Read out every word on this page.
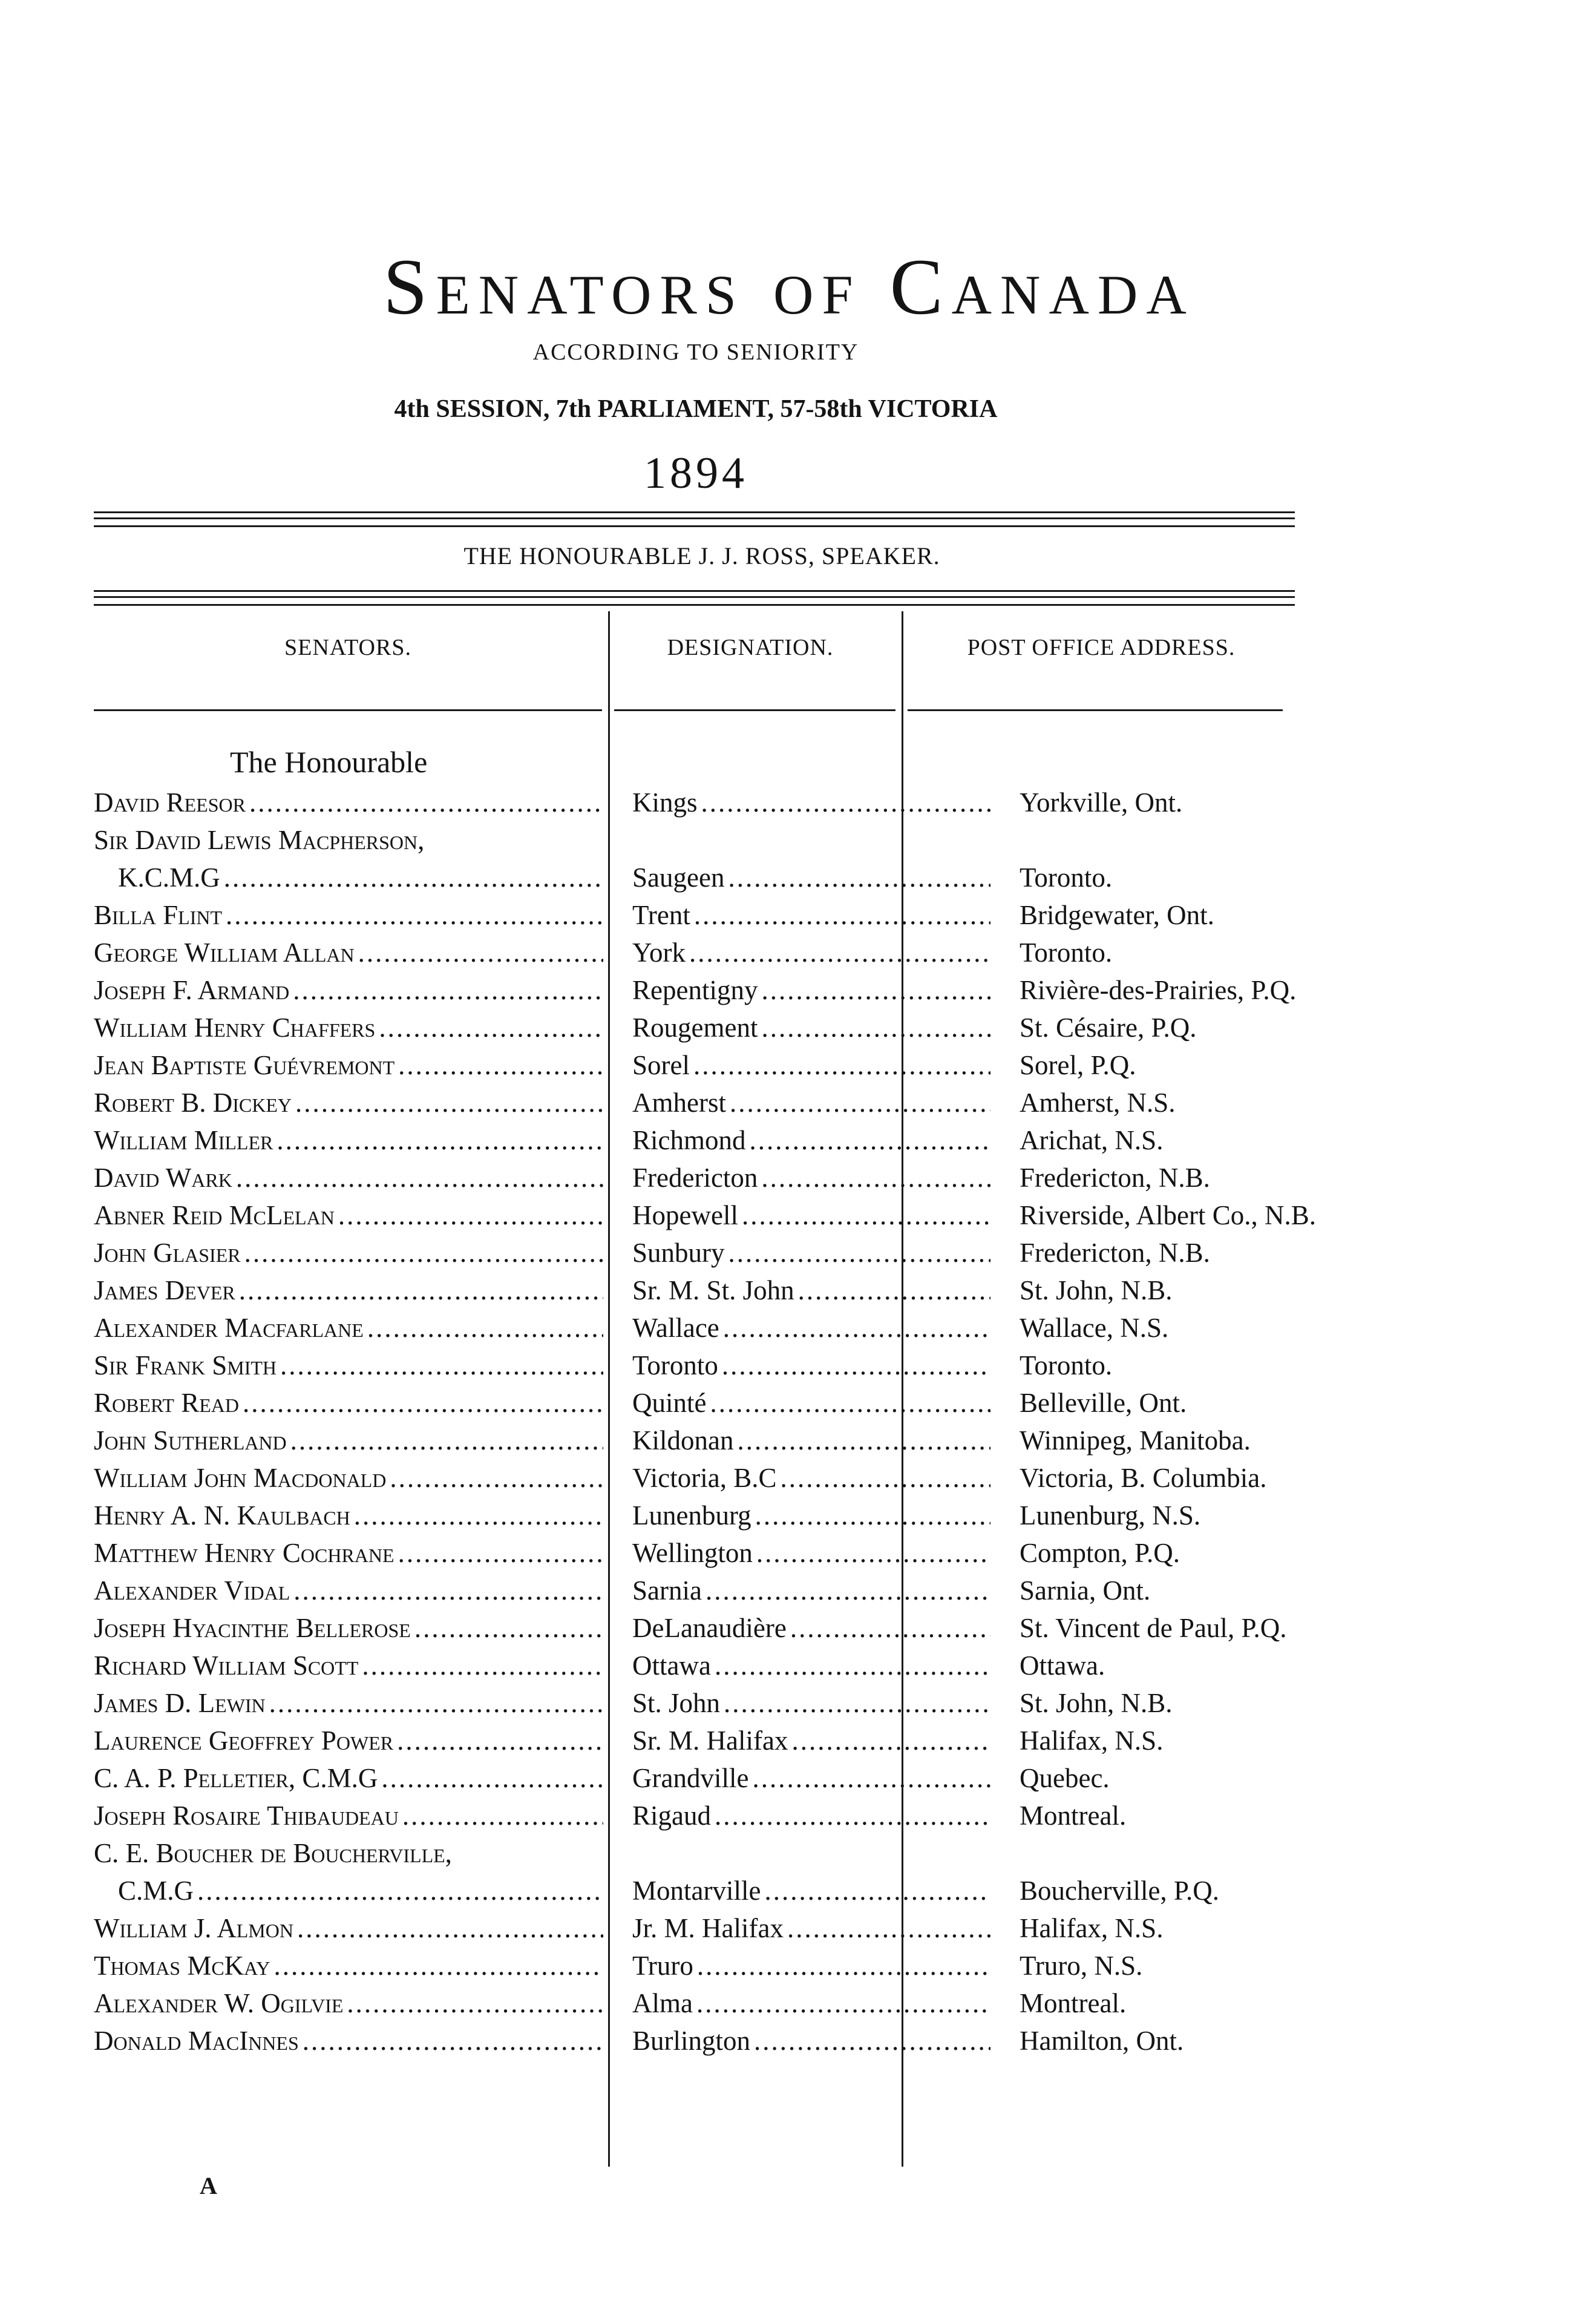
Senators of Canada
ACCORDING TO SENIORITY
4th SESSION, 7th PARLIAMENT, 57-58th VICTORIA
1894
THE HONOURABLE J. J. ROSS, SPEAKER.
SENATORS.	DESIGNATION.	POST OFFICE ADDRESS.
The Honourable
David Reesor .....	Kings .....	Yorkville, Ont.
Sir David Lewis Macpherson,
K.C.M.G .....	Saugeen .....	Toronto.
Billa Flint .....	Trent .....	Bridgewater, Ont.
George William Allan .....	York .....	Toronto.
Joseph F. Armand .....	Repentigny .....	Rivière-des-Prairies, P.Q.
William Henry Chaffers .....	Rougement .....	St. Césaire, P.Q.
Jean Baptiste Guévremont .....	Sorel .....	Sorel, P.Q.
Robert B. Dickey .....	Amherst .....	Amherst, N.S.
William Miller .....	Richmond .....	Arichat, N.S.
David Wark .....	Fredericton .....	Fredericton, N.B.
Abner Reid McLelan .....	Hopewell .....	Riverside, Albert Co., N.B.
John Glasier .....	Sunbury .....	Fredericton, N.B.
James Dever .....	Sr. M. St. John .....	St. John, N.B.
Alexander Macfarlane .....	Wallace .....	Wallace, N.S.
Sir Frank Smith .....	Toronto .....	Toronto.
Robert Read .....	Quinté .....	Belleville, Ont.
John Sutherland .....	Kildonan .....	Winnipeg, Manitoba.
William John Macdonald .....	Victoria, B.C .....	Victoria, B. Columbia.
Henry A. N. Kaulbach .....	Lunenburg .....	Lunenburg, N.S.
Matthew Henry Cochrane .....	Wellington .....	Compton, P.Q.
Alexander Vidal .....	Sarnia .....	Sarnia, Ont.
Joseph Hyacinthe Bellerose .....	DeLanaudière .....	St. Vincent de Paul, P.Q.
Richard William Scott .....	Ottawa .....	Ottawa.
James D. Lewin .....	St. John .....	St. John, N.B.
Laurence Geoffrey Power .....	Sr. M. Halifax .....	Halifax, N.S.
C. A. P. Pelletier, C.M.G .....	Grandville .....	Quebec.
Joseph Rosaire Thibaudeau .....	Rigaud .....	Montreal.
C. E. Boucher de Boucherville,
C.M.G .....	Montarville .....	Boucherville, P.Q.
William J. Almon .....	Jr. M. Halifax .....	Halifax, N.S.
Thomas McKay .....	Truro .....	Truro, N.S.
Alexander W. Ogilvie .....	Alma .....	Montreal.
Donald MacInnes .....	Burlington .....	Hamilton, Ont.
A
